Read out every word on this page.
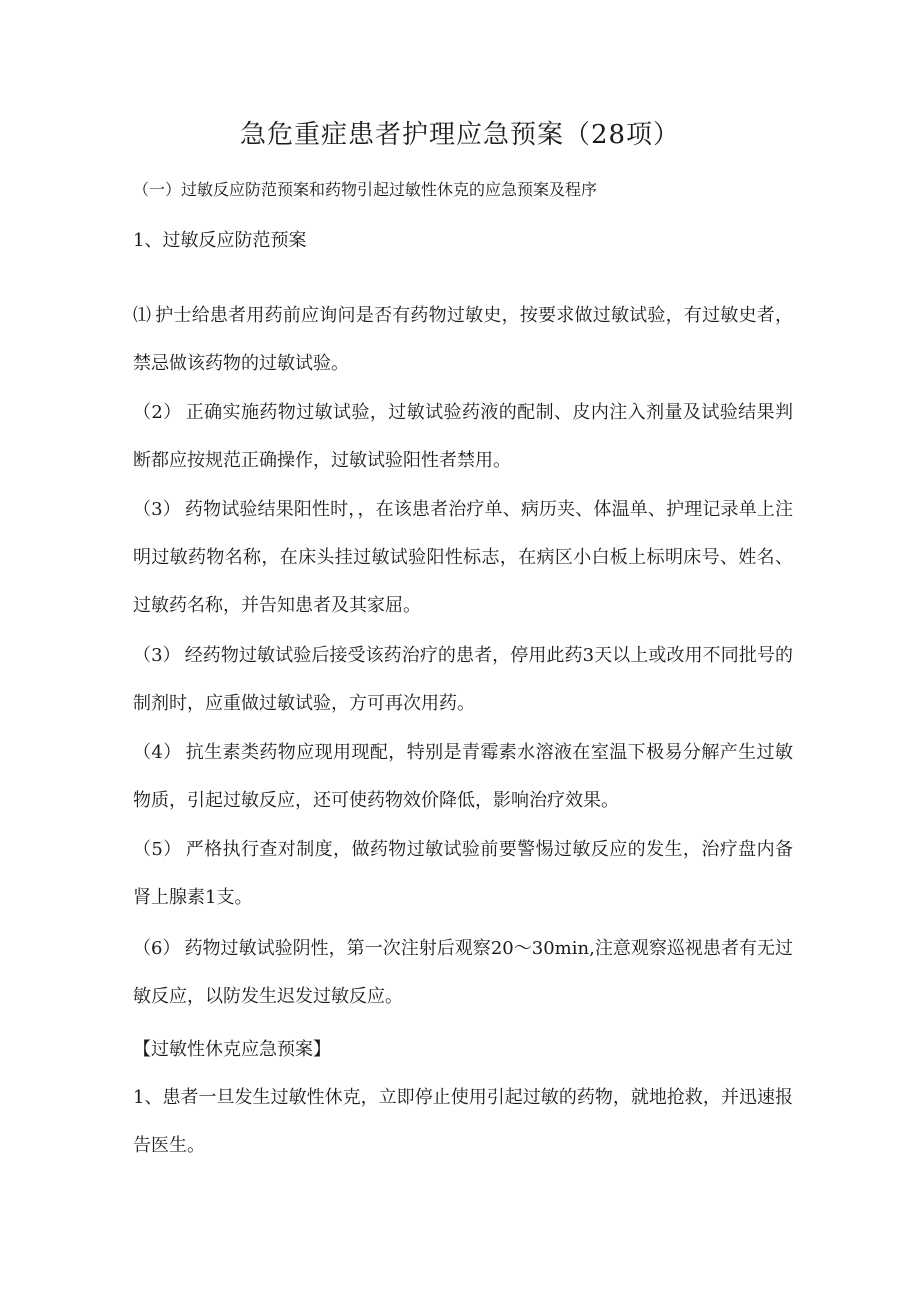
急危重症患者护理应急预案（28项）
（一）过敏反应防范预案和药物引起过敏性休克的应急预案及程序
1、过敏反应防范预案

⑴ 护士给患者用药前应询问是否有药物过敏史，按要求做过敏试验，有过敏史者，禁忌做该药物的过敏试验。

（2） 正确实施药物过敏试验，过敏试验药液的配制、皮内注入剂量及试验结果判断都应按规范正确操作，过敏试验阳性者禁用。

（3） 药物试验结果阳性时，，在该患者治疗单、病历夹、体温单、护理记录单上注明过敏药物名称，在床头挂过敏试验阳性标志，在病区小白板上标明床号、姓名、过敏药名称，并告知患者及其家屈。

（3） 经药物过敏试验后接受该药治疗的患者，停用此药3天以上或改用不同批号的制剂时，应重做过敏试验，方可再次用药。

（4） 抗生素类药物应现用现配，特别是青霉素水溶液在室温下极易分解产生过敏物质，引起过敏反应，还可使药物效价降低，影响治疗效果。

（5） 严格执行查对制度，做药物过敏试验前要警惕过敏反应的发生，治疗盘内备肾上腺素1支。

（6） 药物过敏试验阴性，第一次注射后观察20〜30min,注意观察巡视患者有无过敏反应，以防发生迟发过敏反应。

【过敏性休克应急预案】

1、患者一旦发生过敏性休克，立即停止使用引起过敏的药物，就地抢救，并迅速报告医生。
